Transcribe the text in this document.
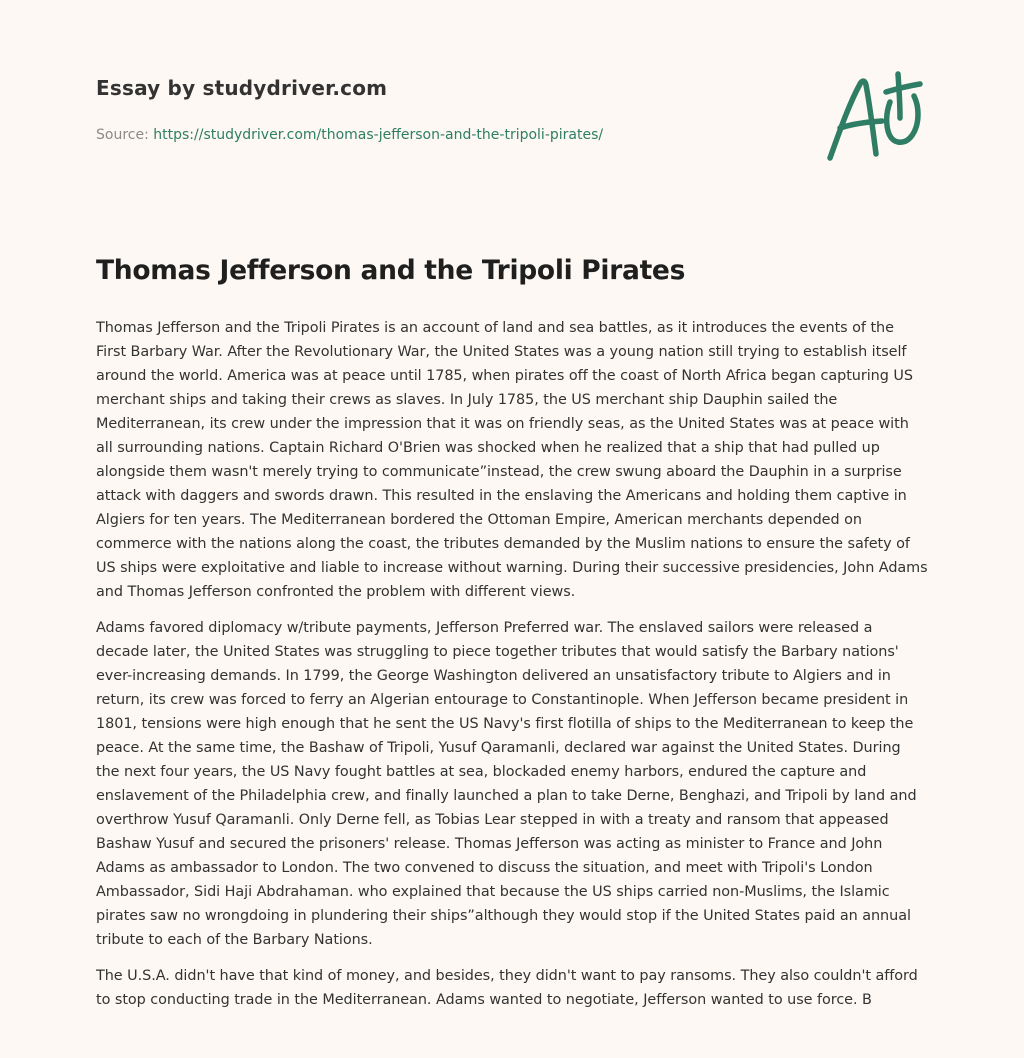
Essay by studydriver.com
Source: https://studydriver.com/thomas-jefferson-and-the-tripoli-pirates/
Thomas Jefferson and the Tripoli Pirates

Thomas Jefferson and the Tripoli Pirates is an account of land and sea battles, as it introduces the events of the First Barbary War. After the Revolutionary War, the United States was a young nation still trying to establish itself around the world. America was at peace until 1785, when pirates off the coast of North Africa began capturing US merchant ships and taking their crews as slaves. In July 1785, the US merchant ship Dauphin sailed the Mediterranean, its crew under the impression that it was on friendly seas, as the United States was at peace with all surrounding nations. Captain Richard O'Brien was shocked when he realized that a ship that had pulled up alongside them wasn't merely trying to communicate”instead, the crew swung aboard the Dauphin in a surprise attack with daggers and swords drawn. This resulted in the enslaving the Americans and holding them captive in Algiers for ten years. The Mediterranean bordered the Ottoman Empire, American merchants depended on commerce with the nations along the coast, the tributes demanded by the Muslim nations to ensure the safety of US ships were exploitative and liable to increase without warning. During their successive presidencies, John Adams and Thomas Jefferson confronted the problem with different views.

Adams favored diplomacy w/tribute payments, Jefferson Preferred war. The enslaved sailors were released a decade later, the United States was struggling to piece together tributes that would satisfy the Barbary nations' ever-increasing demands. In 1799, the George Washington delivered an unsatisfactory tribute to Algiers and in return, its crew was forced to ferry an Algerian entourage to Constantinople. When Jefferson became president in 1801, tensions were high enough that he sent the US Navy's first flotilla of ships to the Mediterranean to keep the peace. At the same time, the Bashaw of Tripoli, Yusuf Qaramanli, declared war against the United States. During the next four years, the US Navy fought battles at sea, blockaded enemy harbors, endured the capture and enslavement of the Philadelphia crew, and finally launched a plan to take Derne, Benghazi, and Tripoli by land and overthrow Yusuf Qaramanli. Only Derne fell, as Tobias Lear stepped in with a treaty and ransom that appeased Bashaw Yusuf and secured the prisoners' release. Thomas Jefferson was acting as minister to France and John Adams as ambassador to London. The two convened to discuss the situation, and meet with Tripoli's London Ambassador, Sidi Haji Abdrahaman. who explained that because the US ships carried non-Muslims, the Islamic pirates saw no wrongdoing in plundering their ships”although they would stop if the United States paid an annual tribute to each of the Barbary Nations.

The U.S.A. didn't have that kind of money, and besides, they didn't want to pay ransoms. They also couldn't afford to stop conducting trade in the Mediterranean. Adams wanted to negotiate, Jefferson wanted to use force. B
